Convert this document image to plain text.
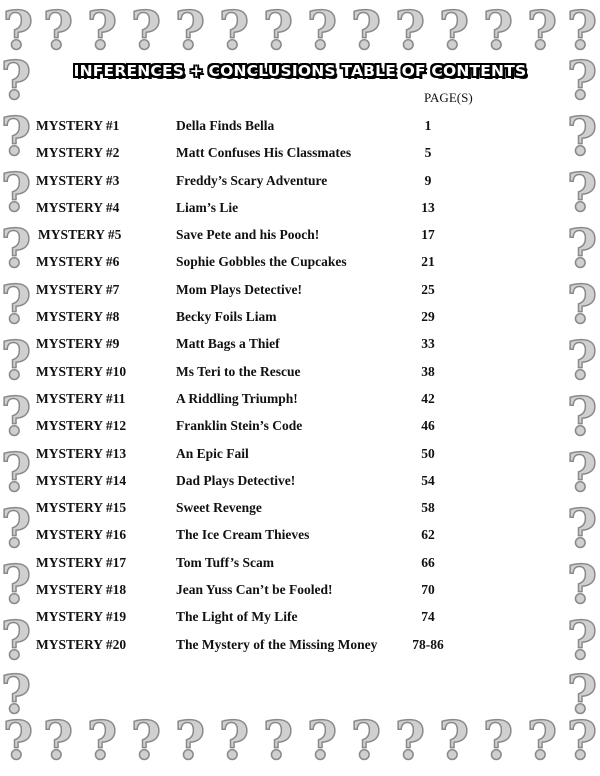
? ? ? ? ? ? ? ? ? ? ? ? ? ?
?
?
?
?
?
?
?
?
?
?
?
?
?
?
?
?
?
?
?
?
?
?
?
?
? ? ? ? ? ? ? ? ? ? ? ? ? ?
INFERENCES + CONCLUSIONS TABLE OF CONTENTS
PAGE(S)
MYSTERY #1	Della Finds Bella	1
MYSTERY #2	Matt Confuses His Classmates	5
MYSTERY #3	Freddy’s Scary Adventure	9
MYSTERY #4	Liam’s Lie	13
MYSTERY #5	Save Pete and his Pooch!	17
MYSTERY #6	Sophie Gobbles the Cupcakes	21
MYSTERY #7	Mom Plays Detective!	25
MYSTERY #8	Becky Foils Liam	29
MYSTERY #9	Matt Bags a Thief	33
MYSTERY #10	Ms Teri to the Rescue	38
MYSTERY #11	A Riddling Triumph!	42
MYSTERY #12	Franklin Stein’s Code	46
MYSTERY #13	An Epic Fail	50
MYSTERY #14	Dad Plays Detective!	54
MYSTERY #15	Sweet Revenge	58
MYSTERY #16	The Ice Cream Thieves	62
MYSTERY #17	Tom Tuff’s Scam	66
MYSTERY #18	Jean Yuss Can’t be Fooled!	70
MYSTERY #19	The Light of My Life	74
MYSTERY #20	The Mystery of the Missing Money	78-86
